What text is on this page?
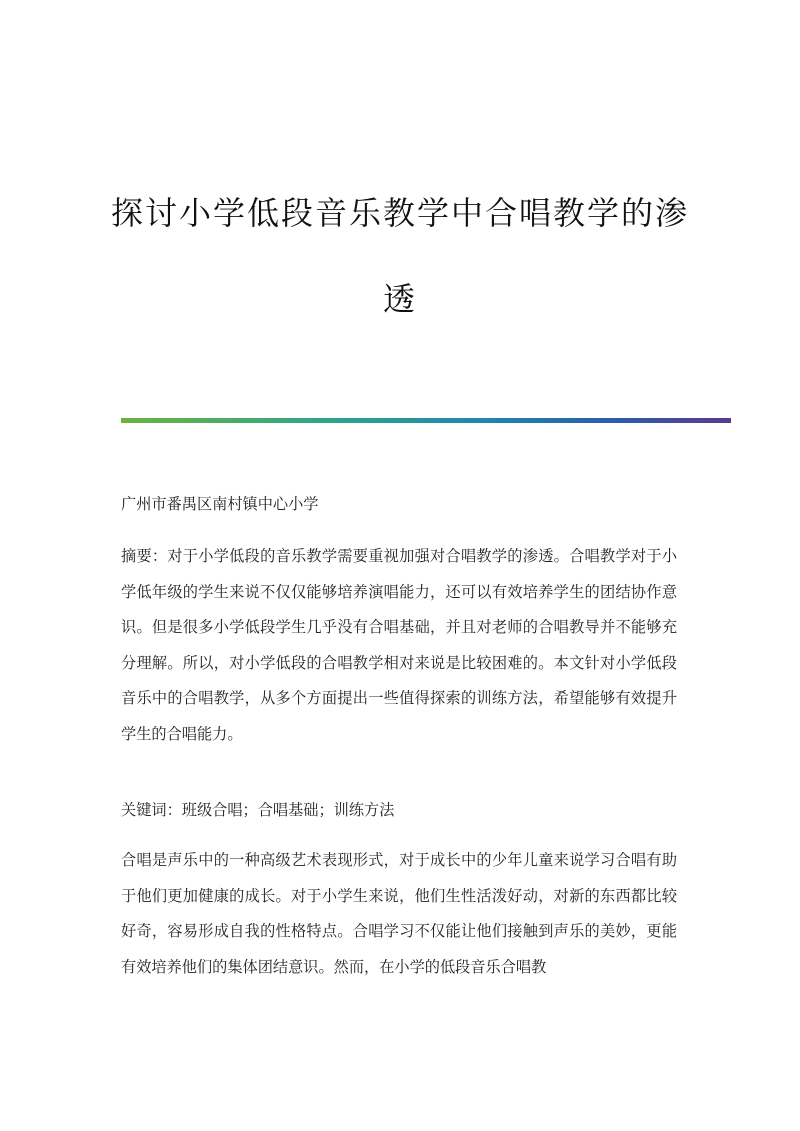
探讨小学低段音乐教学中合唱教学的渗
透
广州市番禺区南村镇中心小学
摘要：对于小学低段的音乐教学需要重视加强对合唱教学的渗透。合唱教学对于小学低年级的学生来说不仅仅能够培养演唱能力，还可以有效培养学生的团结协作意识。但是很多小学低段学生几乎没有合唱基础，并且对老师的合唱教导并不能够充分理解。所以，对小学低段的合唱教学相对来说是比较困难的。本文针对小学低段音乐中的合唱教学，从多个方面提出一些值得探索的训练方法，希望能够有效提升学生的合唱能力。
关键词：班级合唱；合唱基础；训练方法
合唱是声乐中的一种高级艺术表现形式，对于成长中的少年儿童来说学习合唱有助于他们更加健康的成长。对于小学生来说，他们生性活泼好动，对新的东西都比较好奇，容易形成自我的性格特点。合唱学习不仅能让他们接触到声乐的美妙，更能有效培养他们的集体团结意识。然而，在小学的低段音乐合唱教
